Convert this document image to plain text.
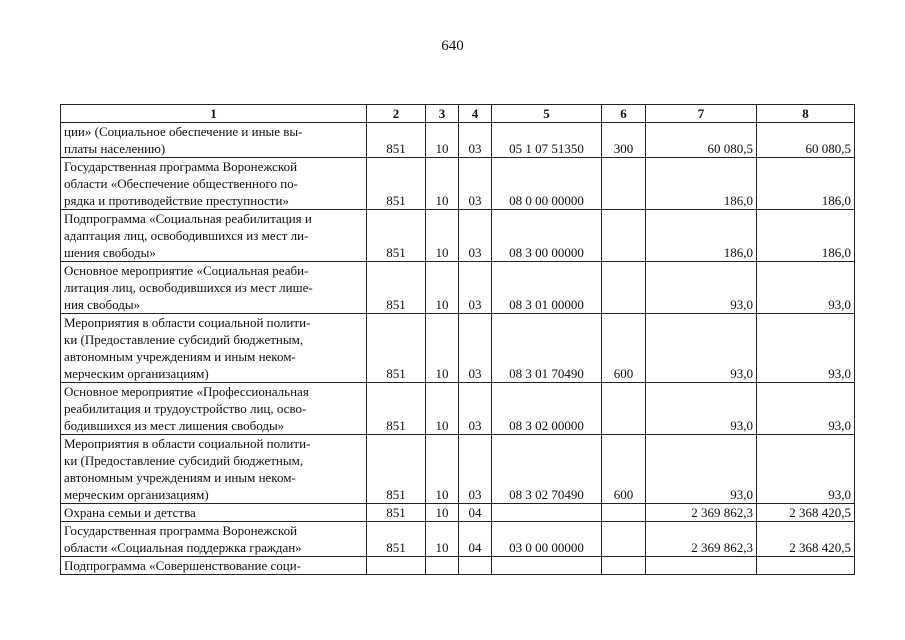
640
1	2	3	4	5	6	7	8
ции» (Социальное обеспечение и иные вы-
платы населению)	851	10	03	05 1 07 51350	300	60 080,5	60 080,5
Государственная программа Воронежской
области «Обеспечение общественного по-
рядка и противодействие преступности»	851	10	03	08 0 00 00000		186,0	186,0
Подпрограмма «Социальная реабилитация и
адаптация лиц, освободившихся из мест ли-
шения свободы»	851	10	03	08 3 00 00000		186,0	186,0
Основное мероприятие «Социальная реаби-
литация лиц, освободившихся из мест лише-
ния свободы»	851	10	03	08 3 01 00000		93,0	93,0
Мероприятия в области социальной полити-
ки (Предоставление субсидий бюджетным,
автономным учреждениям и иным неком-
мерческим организациям)	851	10	03	08 3 01 70490	600	93,0	93,0
Основное мероприятие «Профессиональная
реабилитация и трудоустройство лиц, осво-
бодившихся из мест лишения свободы»	851	10	03	08 3 02 00000		93,0	93,0
Мероприятия в области социальной полити-
ки (Предоставление субсидий бюджетным,
автономным учреждениям и иным неком-
мерческим организациям)	851	10	03	08 3 02 70490	600	93,0	93,0
Охрана семьи и детства	851	10	04			2 369 862,3	2 368 420,5
Государственная программа Воронежской
области «Социальная поддержка граждан»	851	10	04	03 0 00 00000		2 369 862,3	2 368 420,5
Подпрограмма «Совершенствование соци-							
